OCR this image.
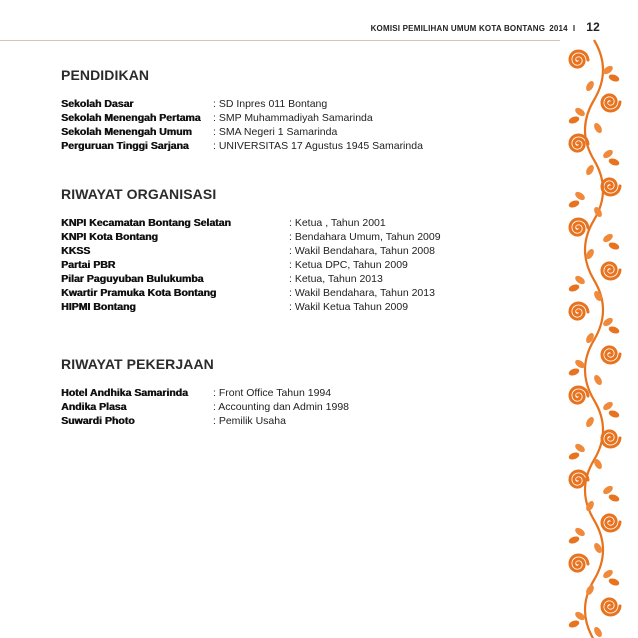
KOMISI PEMILIHAN UMUM KOTA BONTANG 2014 I 12
PENDIDIKAN
Sekolah Dasar	: SD Inpres 011 Bontang
Sekolah Menengah Pertama	: SMP Muhammadiyah Samarinda
Sekolah Menengah Umum	: SMA Negeri 1 Samarinda
Perguruan Tinggi Sarjana	: UNIVERSITAS 17 Agustus 1945 Samarinda
RIWAYAT ORGANISASI
KNPI Kecamatan Bontang Selatan	: Ketua , Tahun 2001
KNPI Kota Bontang	: Bendahara Umum, Tahun 2009
KKSS	: Wakil Bendahara, Tahun 2008
Partai PBR	: Ketua DPC, Tahun 2009
Pilar Paguyuban Bulukumba	: Ketua, Tahun 2013
Kwartir Pramuka Kota Bontang	: Wakil Bendahara, Tahun 2013
HIPMI Bontang	: Wakil Ketua Tahun 2009
RIWAYAT PEKERJAAN
Hotel Andhika Samarinda	: Front Office Tahun 1994
Andika Plasa	: Accounting dan Admin 1998
Suwardi Photo	: Pemilik Usaha
